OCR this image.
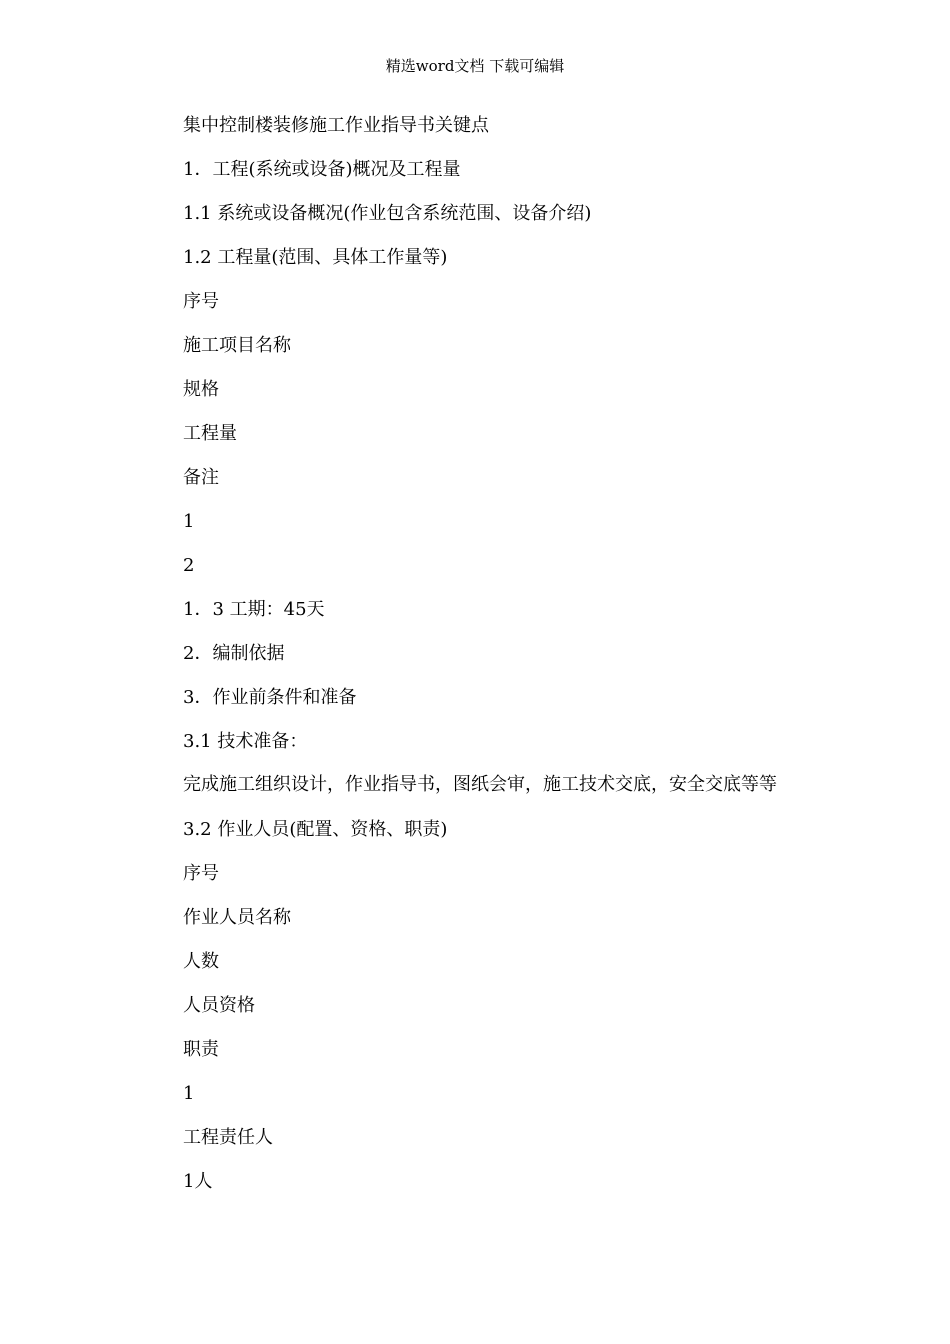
精选word文档 下载可编辑
集中控制楼装修施工作业指导书关键点
1．工程(系统或设备)概况及工程量
1.1 系统或设备概况(作业包含系统范围、设备介绍)
1.2 工程量(范围、具体工作量等)
序号
施工项目名称
规格
工程量
备注
1
2
1．3 工期：45天
2．编制依据
3．作业前条件和准备
3.1 技术准备：
完成施工组织设计，作业指导书，图纸会审，施工技术交底，安全交底等等
3.2 作业人员(配置、资格、职责)
序号
作业人员名称
人数
人员资格
职责
1
工程责任人
1人
